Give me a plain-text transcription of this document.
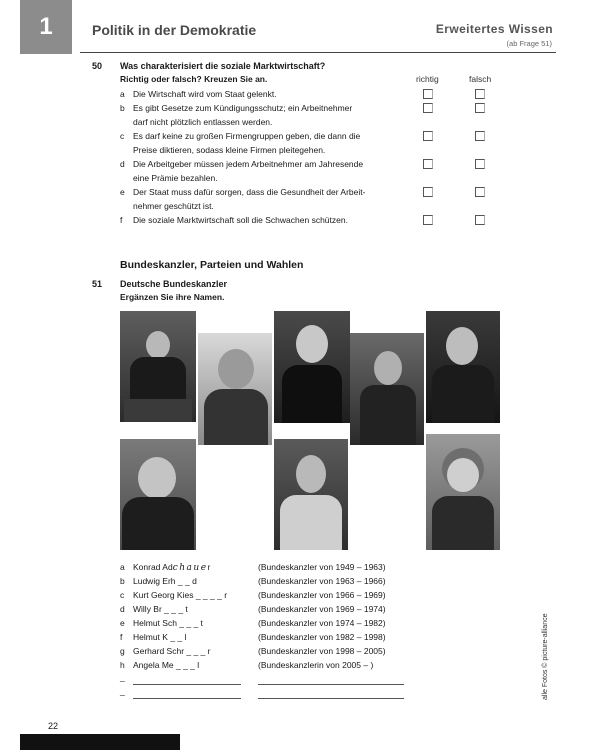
1	Politik in der Demokratie	Erweitertes Wissen
(ab Frage 51)
50 Was charakterisiert die soziale Marktwirtschaft?
Richtig oder falsch? Kreuzen Sie an.	richtig	falsch
a Die Wirtschaft wird vom Staat gelenkt.
b Es gibt Gesetze zum Kündigungsschutz; ein Arbeitnehmer
darf nicht plötzlich entlassen werden.
c Es darf keine zu großen Firmengruppen geben, die dann die
Preise diktieren, sodass kleine Firmen pleitegehen.
d Die Arbeitgeber müssen jedem Arbeitnehmer am Jahresende
eine Prämie bezahlen.
e Der Staat muss dafür sorgen, dass die Gesundheit der Arbeit-
nehmer geschützt ist.
f Die soziale Marktwirtschaft soll die Schwachen schützen.
Bundeskanzler, Parteien und Wahlen
51 Deutsche Bundeskanzler
Ergänzen Sie ihre Namen.
a Konrad Adchauer	(Bundeskanzler von 1949 – 1963)
b Ludwig Erh _ _ d	(Bundeskanzler von 1963 – 1966)
c Kurt Georg Kies _ _ _ _ r	(Bundeskanzler von 1966 – 1969)
d Willy Br _ _ _ t	(Bundeskanzler von 1969 – 1974)
e Helmut Sch _ _ _ t	(Bundeskanzler von 1974 – 1982)
f Helmut K _ _ l	(Bundeskanzler von 1982 – 1998)
g Gerhard Schr _ _ _ r	(Bundeskanzler von 1998 – 2005)
h Angela Me _ _ _ l	(Bundeskanzlerin von 2005 – )
_
_	alle Fotos © picture-alliance
22
